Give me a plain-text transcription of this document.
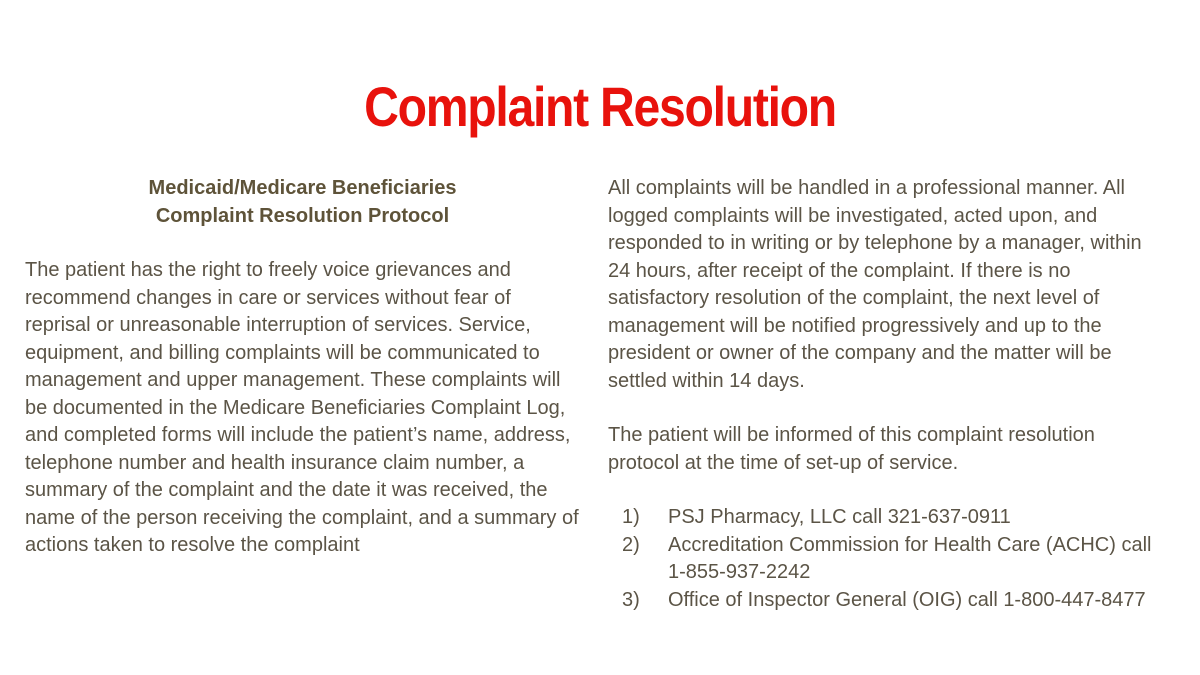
Complaint Resolution

Medicaid/Medicare Beneficiaries

Complaint Resolution Protocol

The patient has the right to freely voice grievances and recommend changes in care or services without fear of reprisal or unreasonable interruption of services. Service, equipment, and billing complaints will be communicated to management and upper management. These complaints will be documented in the Medicare Beneficiaries Complaint Log, and completed forms will include the patient’s name, address, telephone number and health insurance claim number, a summary of the complaint and the date it was received, the name of the person receiving the complaint, and a summary of actions taken to resolve the complaint

All complaints will be handled in a professional manner. All logged complaints will be investigated, acted upon, and responded to in writing or by telephone by a manager, within 24 hours, after receipt of the complaint. If there is no satisfactory resolution of the complaint, the next level of management will be notified progressively and up to the president or owner of the company and the matter will be settled within 14 days.

The patient will be informed of this complaint resolution protocol at the time of set-up of service.

1)	PSJ Pharmacy, LLC call 321-637-0911
2)	Accreditation Commission for Health Care (ACHC) call 1-855-937-2242
3)	Office of Inspector General (OIG) call 1-800-447-8477
